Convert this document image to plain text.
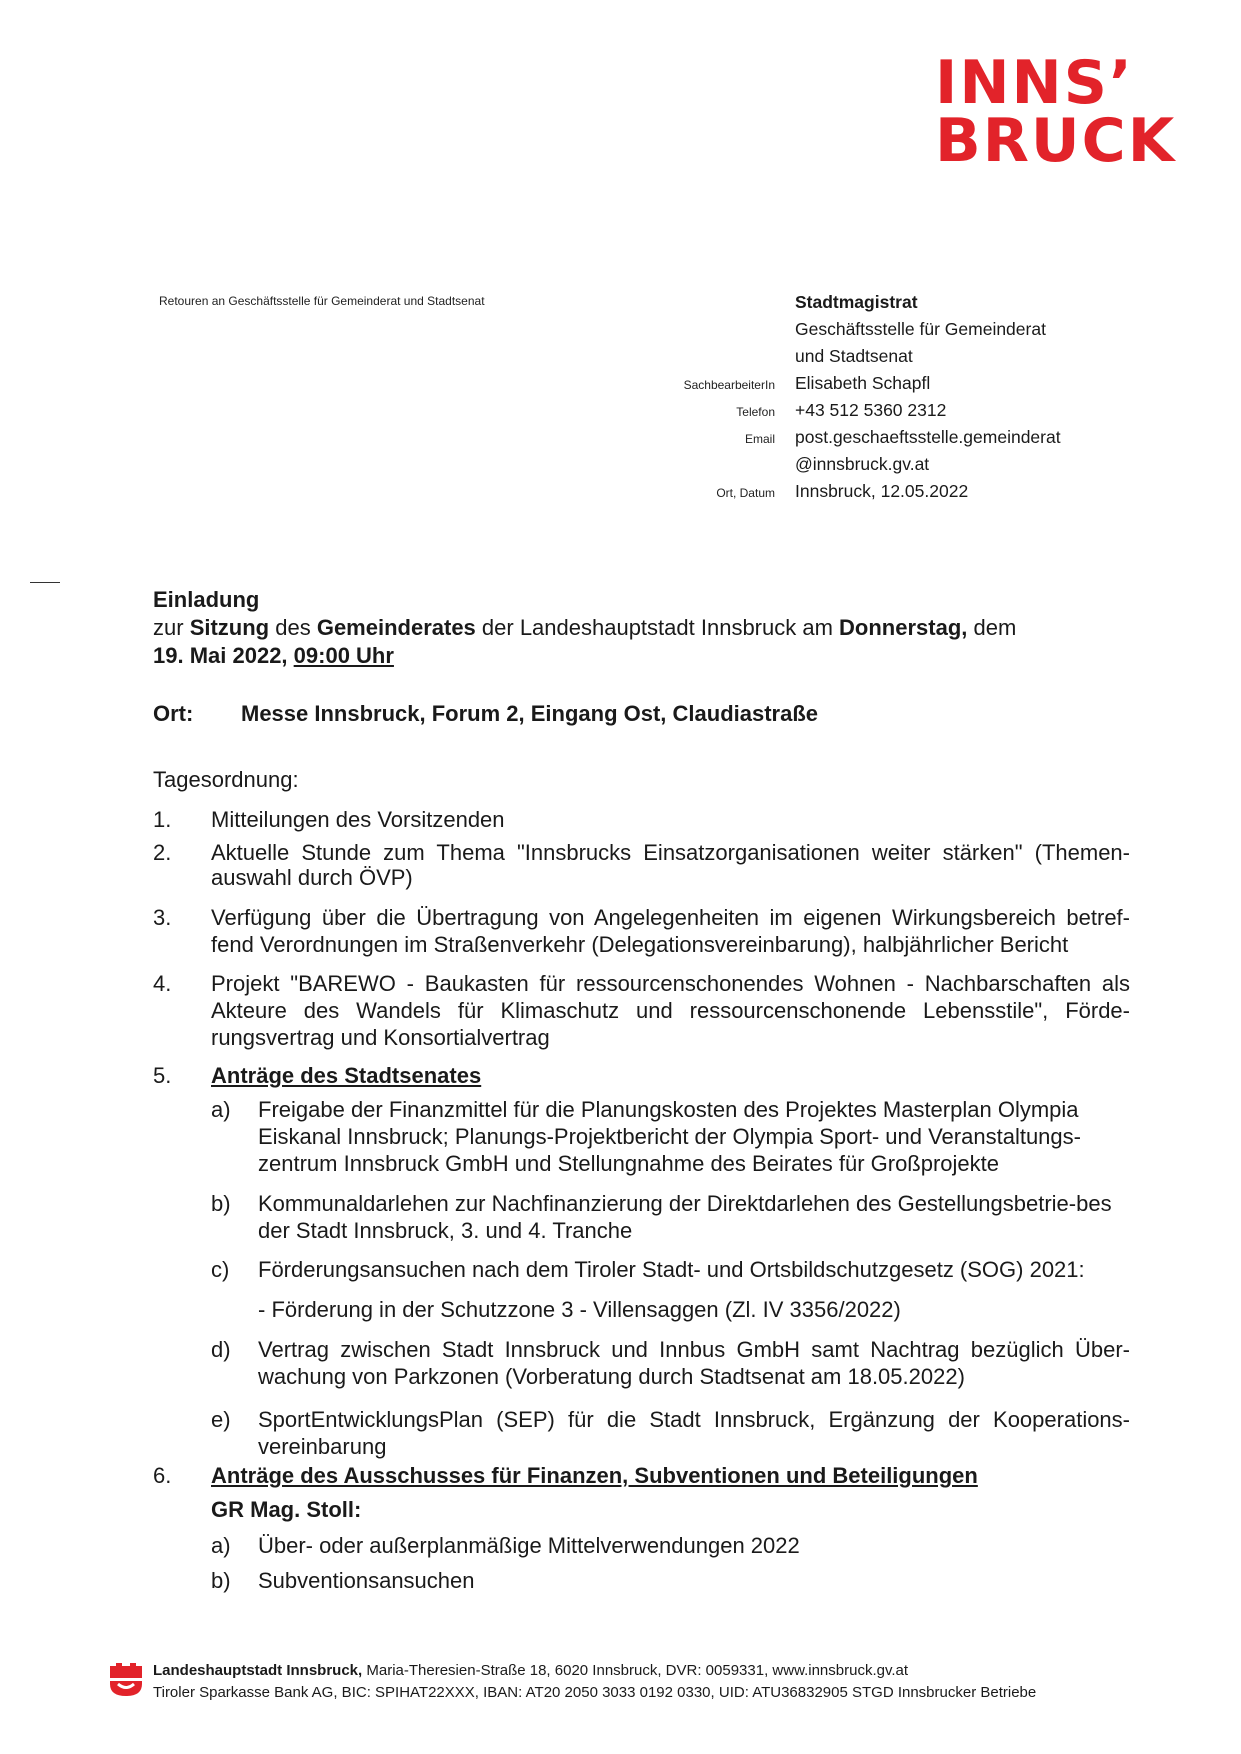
INNS’
BRUCK
Retouren an Geschäftsstelle für Gemeinderat und Stadtsenat	Stadtmagistrat
Geschäftsstelle für Gemeinderat
und Stadtsenat
SachbearbeiterIn	Elisabeth Schapfl
Telefon	+43 512 5360 2312
Email	post.geschaeftsstelle.gemeinderat
@innsbruck.gv.at
Ort, Datum	Innsbruck, 12.05.2022
Einladung
zur Sitzung des Gemeinderates der Landeshauptstadt Innsbruck am Donnerstag, dem
19. Mai 2022, 09:00 Uhr
Ort: Messe Innsbruck, Forum 2, Eingang Ost, Claudiastraße
Tagesordnung:
1. Mitteilungen des Vorsitzenden
2. Aktuelle Stunde zum Thema "Innsbrucks Einsatzorganisationen weiter stärken" (Themen-auswahl durch ÖVP)
3. Verfügung über die Übertragung von Angelegenheiten im eigenen Wirkungsbereich betref-fend Verordnungen im Straßenverkehr (Delegationsvereinbarung), halbjährlicher Bericht
4. Projekt "BAREWO - Baukasten für ressourcenschonendes Wohnen - Nachbarschaften als Akteure des Wandels für Klimaschutz und ressourcenschonende Lebensstile", Förde-rungsvertrag und Konsortialvertrag
5. Anträge des Stadtsenates
a) Freigabe der Finanzmittel für die Planungskosten des Projektes Masterplan Olympia Eiskanal Innsbruck; Planungs-Projektbericht der Olympia Sport- und Veranstaltungs-zentrum Innsbruck GmbH und Stellungnahme des Beirates für Großprojekte
b) Kommunaldarlehen zur Nachfinanzierung der Direktdarlehen des Gestellungsbetrie-bes der Stadt Innsbruck, 3. und 4. Tranche
c) Förderungsansuchen nach dem Tiroler Stadt- und Ortsbildschutzgesetz (SOG) 2021:
- Förderung in der Schutzzone 3 - Villensaggen (Zl. IV 3356/2022)
d) Vertrag zwischen Stadt Innsbruck und Innbus GmbH samt Nachtrag bezüglich Über-wachung von Parkzonen (Vorberatung durch Stadtsenat am 18.05.2022)
e) SportEntwicklungsPlan (SEP) für die Stadt Innsbruck, Ergänzung der Kooperations-vereinbarung
6. Anträge des Ausschusses für Finanzen, Subventionen und Beteiligungen
GR Mag. Stoll:
a) Über- oder außerplanmäßige Mittelverwendungen 2022
b) Subventionsansuchen
Landeshauptstadt Innsbruck, Maria-Theresien-Straße 18, 6020 Innsbruck, DVR: 0059331, www.innsbruck.gv.at
Tiroler Sparkasse Bank AG, BIC: SPIHAT22XXX, IBAN: AT20 2050 3033 0192 0330, UID: ATU36832905 STGD Innsbrucker Betriebe
